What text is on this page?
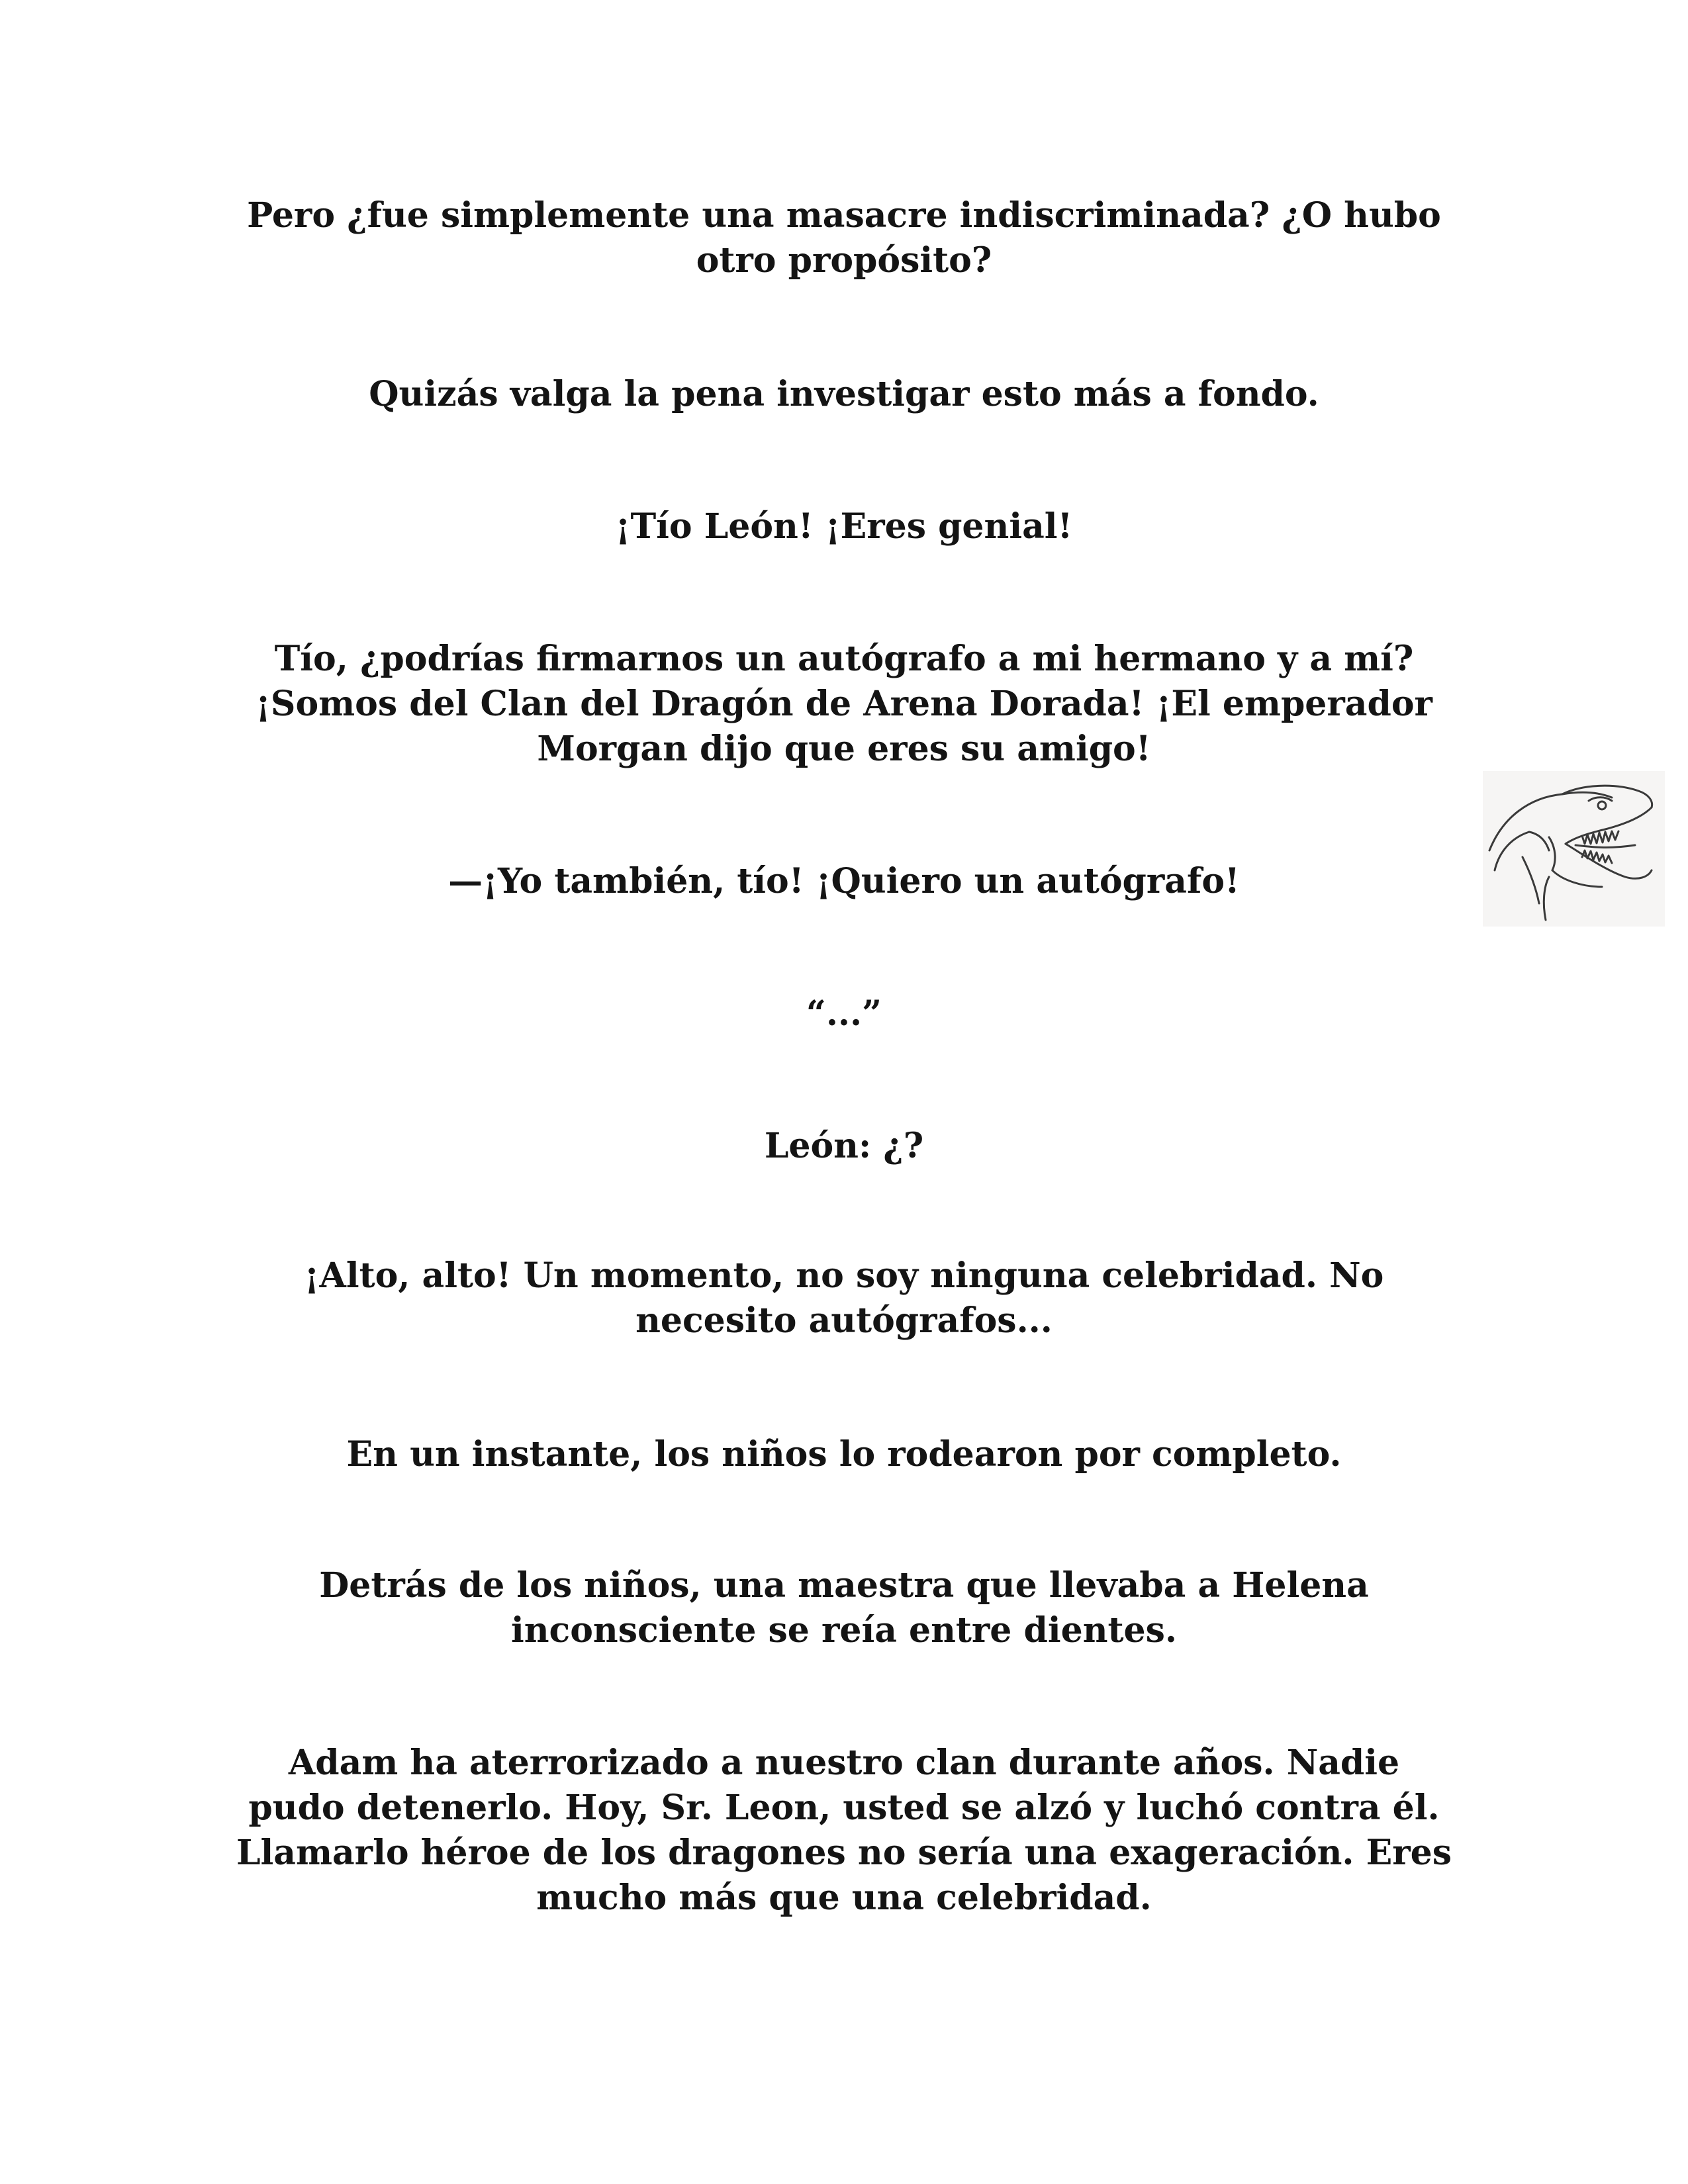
Pero ¿fue simplemente una masacre indiscriminada? ¿O hubo
otro propósito?

Quizás valga la pena investigar esto más a fondo.

¡Tío León! ¡Eres genial!

Tío, ¿podrías firmarnos un autógrafo a mi hermano y a mí?
¡Somos del Clan del Dragón de Arena Dorada! ¡El emperador
Morgan dijo que eres su amigo!

—¡Yo también, tío! ¡Quiero un autógrafo!

“...”

León: ¿?

¡Alto, alto! Un momento, no soy ninguna celebridad. No
necesito autógrafos...

En un instante, los niños lo rodearon por completo.

Detrás de los niños, una maestra que llevaba a Helena
inconsciente se reía entre dientes.

Adam ha aterrorizado a nuestro clan durante años. Nadie
pudo detenerlo. Hoy, Sr. Leon, usted se alzó y luchó contra él.
Llamarlo héroe de los dragones no sería una exageración. Eres
mucho más que una celebridad.
